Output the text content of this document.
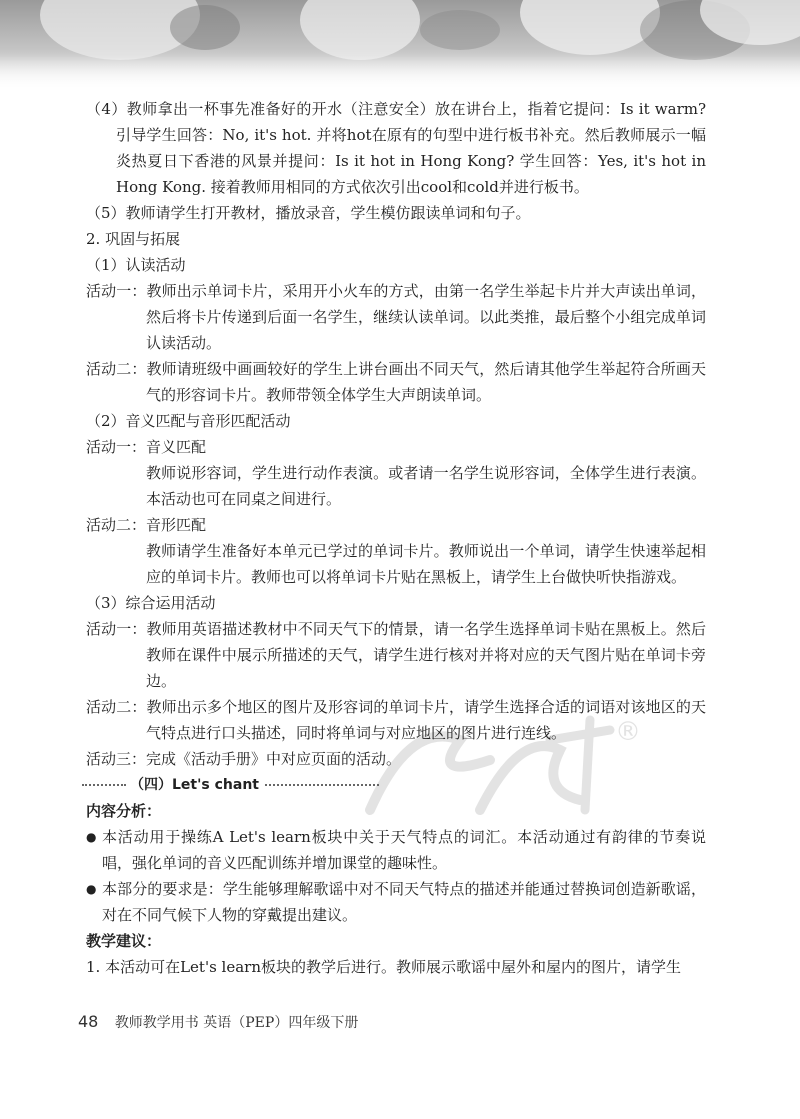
®

（4）教师拿出一杯事先准备好的开水（注意安全）放在讲台上，指着它提问：Is it warm? 引导学生回答：No, it's hot. 并将hot在原有的句型中进行板书补充。然后教师展示一幅炎热夏日下香港的风景并提问：Is it hot in Hong Kong? 学生回答：Yes, it's hot in Hong Kong. 接着教师用相同的方式依次引出cool和cold并进行板书。

（5）教师请学生打开教材，播放录音，学生模仿跟读单词和句子。

2. 巩固与拓展

（1）认读活动

活动一：教师出示单词卡片，采用开小火车的方式，由第一名学生举起卡片并大声读出单词，然后将卡片传递到后面一名学生，继续认读单词。以此类推，最后整个小组完成单词认读活动。

活动二：教师请班级中画画较好的学生上讲台画出不同天气，然后请其他学生举起符合所画天气的形容词卡片。教师带领全体学生大声朗读单词。

（2）音义匹配与音形匹配活动

活动一：音义匹配

教师说形容词，学生进行动作表演。或者请一名学生说形容词，全体学生进行表演。本活动也可在同桌之间进行。

活动二：音形匹配

教师请学生准备好本单元已学过的单词卡片。教师说出一个单词，请学生快速举起相应的单词卡片。教师也可以将单词卡片贴在黑板上，请学生上台做快听快指游戏。

（3）综合运用活动

活动一：教师用英语描述教材中不同天气下的情景，请一名学生选择单词卡贴在黑板上。然后教师在课件中展示所描述的天气，请学生进行核对并将对应的天气图片贴在单词卡旁边。

活动二：教师出示多个地区的图片及形容词的单词卡片，请学生选择合适的词语对该地区的天气特点进行口头描述，同时将单词与对应地区的图片进行连线。

活动三：完成《活动手册》中对应页面的活动。

（四）Let's chant

内容分析：

● 本活动用于操练A Let's learn板块中关于天气特点的词汇。本活动通过有韵律的节奏说唱，强化单词的音义匹配训练并增加课堂的趣味性。
● 本部分的要求是：学生能够理解歌谣中对不同天气特点的描述并能通过替换词创造新歌谣，对在不同气候下人物的穿戴提出建议。

教学建议：

1. 本活动可在Let's learn板块的教学后进行。教师展示歌谣中屋外和屋内的图片，请学生

48 教师教学用书 英语（PEP）四年级下册
